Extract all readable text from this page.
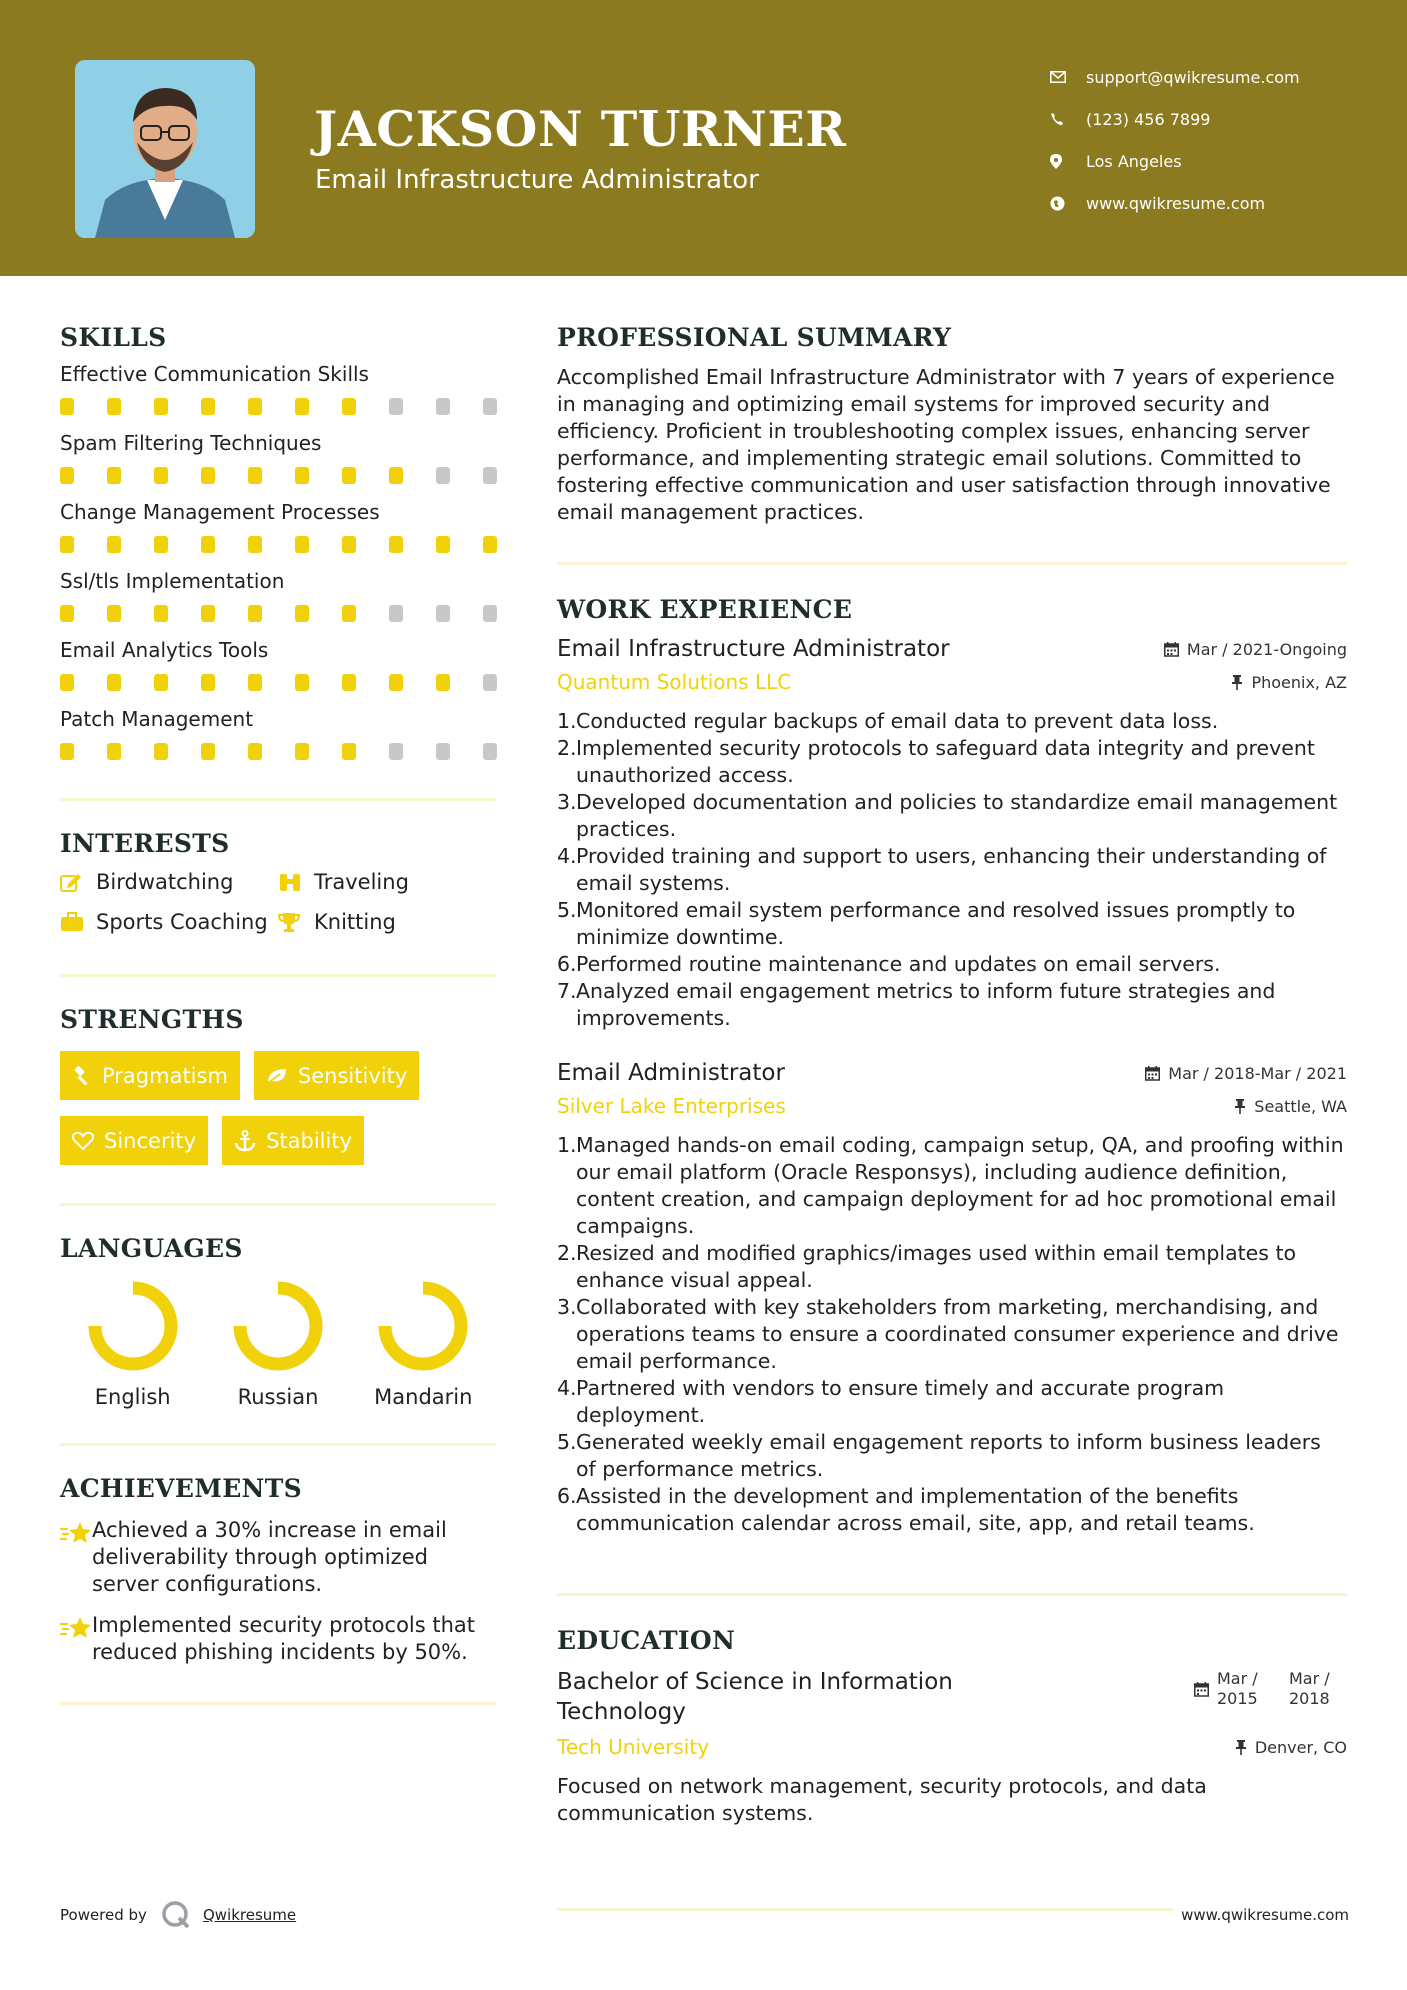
JACKSON TURNER
Email Infrastructure Administrator
support@qwikresume.com
(123) 456 7899
Los Angeles
www.qwikresume.com
SKILLS
Effective Communication Skills
Spam Filtering Techniques
Change Management Processes
Ssl/tls Implementation
Email Analytics Tools
Patch Management
INTERESTS
Birdwatching	Traveling
Sports Coaching Knitting
STRENGTHS
Pragmatism	Sensitivity
Sincerity	Stability
LANGUAGES
English	Russian	Mandarin
ACHIEVEMENTS
Achieved a 30% increase in email deliverability through optimized server configurations.
Implemented security protocols that reduced phishing incidents by 50%.
PROFESSIONAL SUMMARY
Accomplished Email Infrastructure Administrator with 7 years of experience in managing and optimizing email systems for improved security and efficiency. Proficient in troubleshooting complex issues, enhancing server performance, and implementing strategic email solutions. Committed to fostering effective communication and user satisfaction through innovative email management practices.
WORK EXPERIENCE
Email Infrastructure Administrator	Mar / 2021-Ongoing
Quantum Solutions LLC	Phoenix, AZ
1. Conducted regular backups of email data to prevent data loss.
2. Implemented security protocols to safeguard data integrity and prevent unauthorized access.
3. Developed documentation and policies to standardize email management practices.
4. Provided training and support to users, enhancing their understanding of email systems.
5. Monitored email system performance and resolved issues promptly to minimize downtime.
6. Performed routine maintenance and updates on email servers.
7. Analyzed email engagement metrics to inform future strategies and improvements.
Email Administrator	Mar / 2018-Mar / 2021
Silver Lake Enterprises	Seattle, WA
1. Managed hands-on email coding, campaign setup, QA, and proofing within our email platform (Oracle Responsys), including audience definition, content creation, and campaign deployment for ad hoc promotional email campaigns.
2. Resized and modified graphics/images used within email templates to enhance visual appeal.
3. Collaborated with key stakeholders from marketing, merchandising, and operations teams to ensure a coordinated consumer experience and drive email performance.
4. Partnered with vendors to ensure timely and accurate program deployment.
5. Generated weekly email engagement reports to inform business leaders of performance metrics.
6. Assisted in the development and implementation of the benefits communication calendar across email, site, app, and retail teams.
EDUCATION
Bachelor of Science in Information Technology
Mar /
2015
Mar /
2018
Tech University	Denver, CO
Focused on network management, security protocols, and data communication systems.
Powered by	Qwikresume	www.qwikresume.com
